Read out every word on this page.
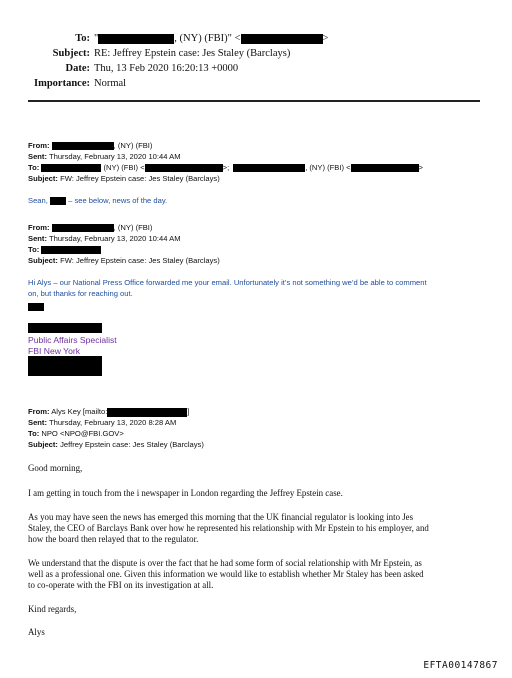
To: "	, (NY) (FBI)" <	>
Subject: RE: Jeffrey Epstein case: Jes Staley (Barclays)
Date: Thu, 13 Feb 2020 16:20:13 +0000
Importance: Normal
From:	, (NY) (FBI)
Sent: Thursday, February 13, 2020 10:44 AM
To:	(NY) (FBI) <	>;	, (NY) (FBI) <	>
Subject: FW: Jeffrey Epstein case: Jes Staley (Barclays)
Sean,	– see below, news of the day.
From:	, (NY) (FBI)
Sent: Thursday, February 13, 2020 10:44 AM
To:
Subject: FW: Jeffrey Epstein case: Jes Staley (Barclays)
Hi Alys – our National Press Office forwarded me your email. Unfortunately it’s not something we’d be able to comment
on, but thanks for reaching out.
Public Affairs Specialist
FBI New York
From: Alys Key [mailto:	]
Sent: Thursday, February 13, 2020 8:28 AM
To: NPO <NPO@FBI.GOV>
Subject: Jeffrey Epstein case: Jes Staley (Barclays)
Good morning,
I am getting in touch from the i newspaper in London regarding the Jeffrey Epstein case.
As you may have seen the news has emerged this morning that the UK financial regulator is looking into Jes
Staley, the CEO of Barclays Bank over how he represented his relationship with Mr Epstein to his employer, and
how the board then relayed that to the regulator.
We understand that the dispute is over the fact that he had some form of social relationship with Mr Epstein, as
well as a professional one. Given this information we would like to establish whether Mr Staley has been asked
to co-operate with the FBI on its investigation at all.
Kind regards,
Alys
EFTA00147867
